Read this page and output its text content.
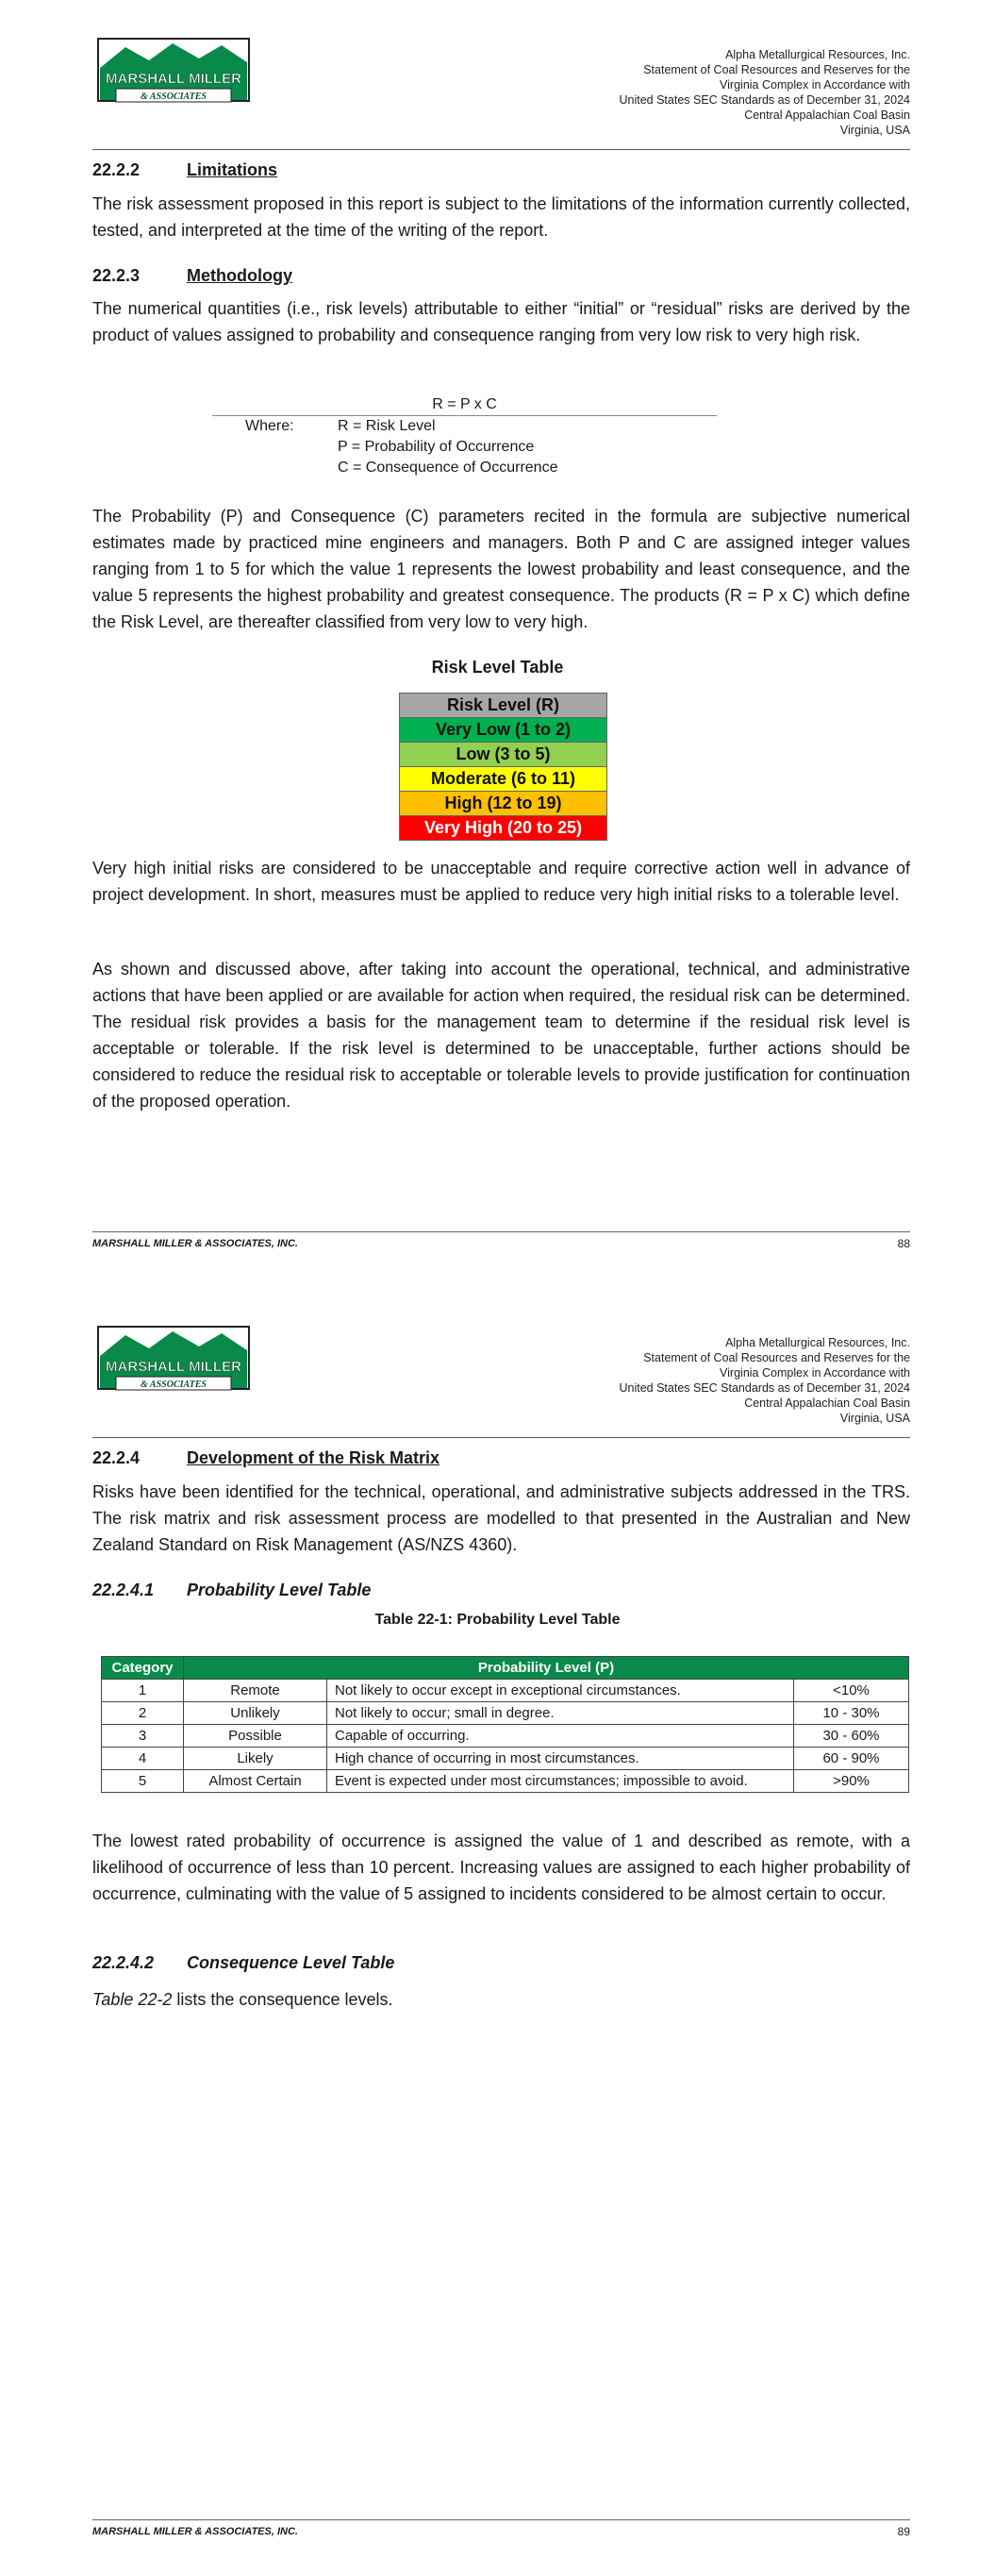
MARSHALL MILLER
& ASSOCIATES
Alpha Metallurgical Resources, Inc.
Statement of Coal Resources and Reserves for the
Virginia Complex in Accordance with
United States SEC Standards as of December 31, 2024
Central Appalachian Coal Basin
Virginia, USA
22.2.2	Limitations
The risk assessment proposed in this report is subject to the limitations of the information currently collected, tested, and interpreted at the time of the writing of the report.
22.2.3	Methodology
The numerical quantities (i.e., risk levels) attributable to either “initial” or “residual” risks are derived by the product of values assigned to probability and consequence ranging from very low risk to very high risk.
R = P x C
Where:	R = Risk Level
P = Probability of Occurrence
C = Consequence of Occurrence
The Probability (P) and Consequence (C) parameters recited in the formula are subjective numerical estimates made by practiced mine engineers and managers. Both P and C are assigned integer values ranging from 1 to 5 for which the value 1 represents the lowest probability and least consequence, and the value 5 represents the highest probability and greatest consequence. The products (R = P x C) which define the Risk Level, are thereafter classified from very low to very high.
Risk Level Table
Risk Level (R)
Very Low (1 to 2)
Low (3 to 5)
Moderate (6 to 11)
High (12 to 19)
Very High (20 to 25)
Very high initial risks are considered to be unacceptable and require corrective action well in advance of project development. In short, measures must be applied to reduce very high initial risks to a tolerable level.
As shown and discussed above, after taking into account the operational, technical, and administrative actions that have been applied or are available for action when required, the residual risk can be determined. The residual risk provides a basis for the management team to determine if the residual risk level is acceptable or tolerable. If the risk level is determined to be unacceptable, further actions should be considered to reduce the residual risk to acceptable or tolerable levels to provide justification for continuation of the proposed operation.
MARSHALL MILLER & ASSOCIATES, INC.	88
MARSHALL MILLER
& ASSOCIATES
Alpha Metallurgical Resources, Inc.
Statement of Coal Resources and Reserves for the
Virginia Complex in Accordance with
United States SEC Standards as of December 31, 2024
Central Appalachian Coal Basin
Virginia, USA
22.2.4	Development of the Risk Matrix
Risks have been identified for the technical, operational, and administrative subjects addressed in the TRS. The risk matrix and risk assessment process are modelled to that presented in the Australian and New Zealand Standard on Risk Management (AS/NZS 4360).
22.2.4.1 Probability Level Table
Table 22-1: Probability Level Table
Category	Probability Level (P)		
1	Remote	Not likely to occur except in exceptional circumstances.	<10%
2	Unlikely	Not likely to occur; small in degree.	10 - 30%
3	Possible	Capable of occurring.	30 - 60%
4	Likely	High chance of occurring in most circumstances.	60 - 90%
5	Almost Certain	Event is expected under most circumstances; impossible to avoid.	>90%
The lowest rated probability of occurrence is assigned the value of 1 and described as remote, with a likelihood of occurrence of less than 10 percent. Increasing values are assigned to each higher probability of occurrence, culminating with the value of 5 assigned to incidents considered to be almost certain to occur.
22.2.4.2 Consequence Level Table
Table 22-2 lists the consequence levels.
MARSHALL MILLER & ASSOCIATES, INC.	89
